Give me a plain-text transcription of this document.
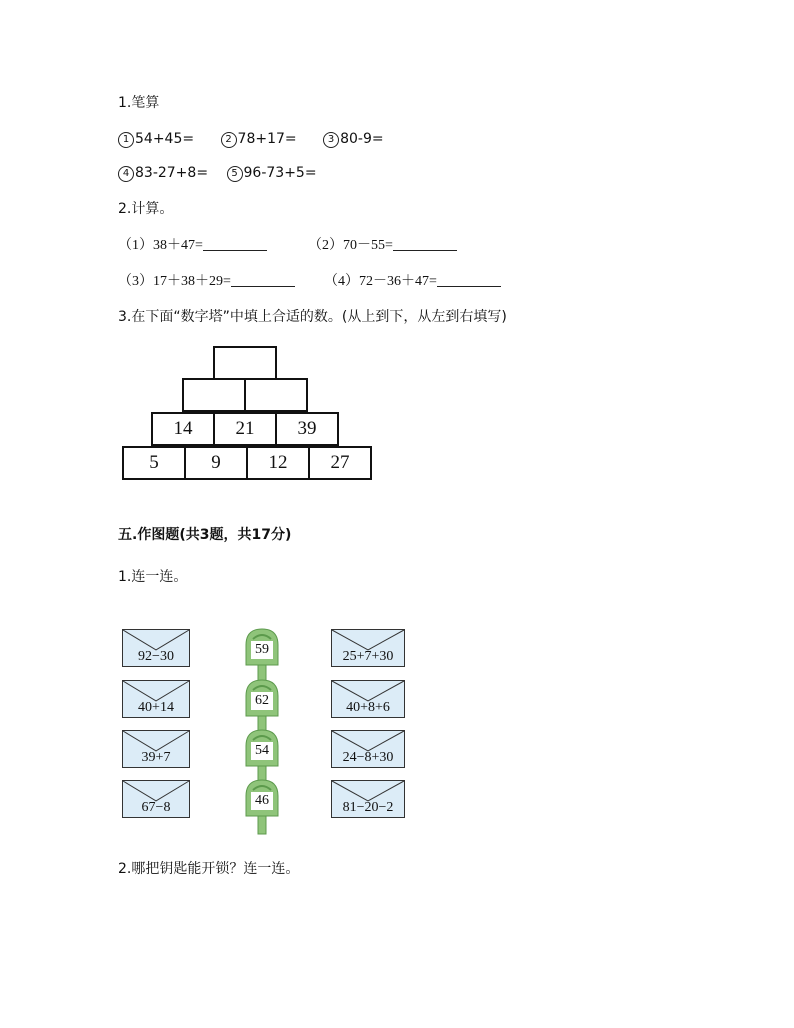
1.笔算
1 54+45=	2 78+17=	3 80-9=
4 83-27+8= 5 96-73+5=
2.计算。
（1）38＋47=	（2）70－55=
（3）17＋38＋29=	（4）72－36＋47=
3.在下面“数字塔”中填上合适的数。(从上到下，从左到右填写)
14	21	39
5	9	12	27
五.作图题(共3题，共17分)
1.连一连。
92−30	59	25+7+30
40+14	62	40+8+6
39+7	54	24−8+30
67−8	46	81−20−2
2.哪把钥匙能开锁？连一连。
